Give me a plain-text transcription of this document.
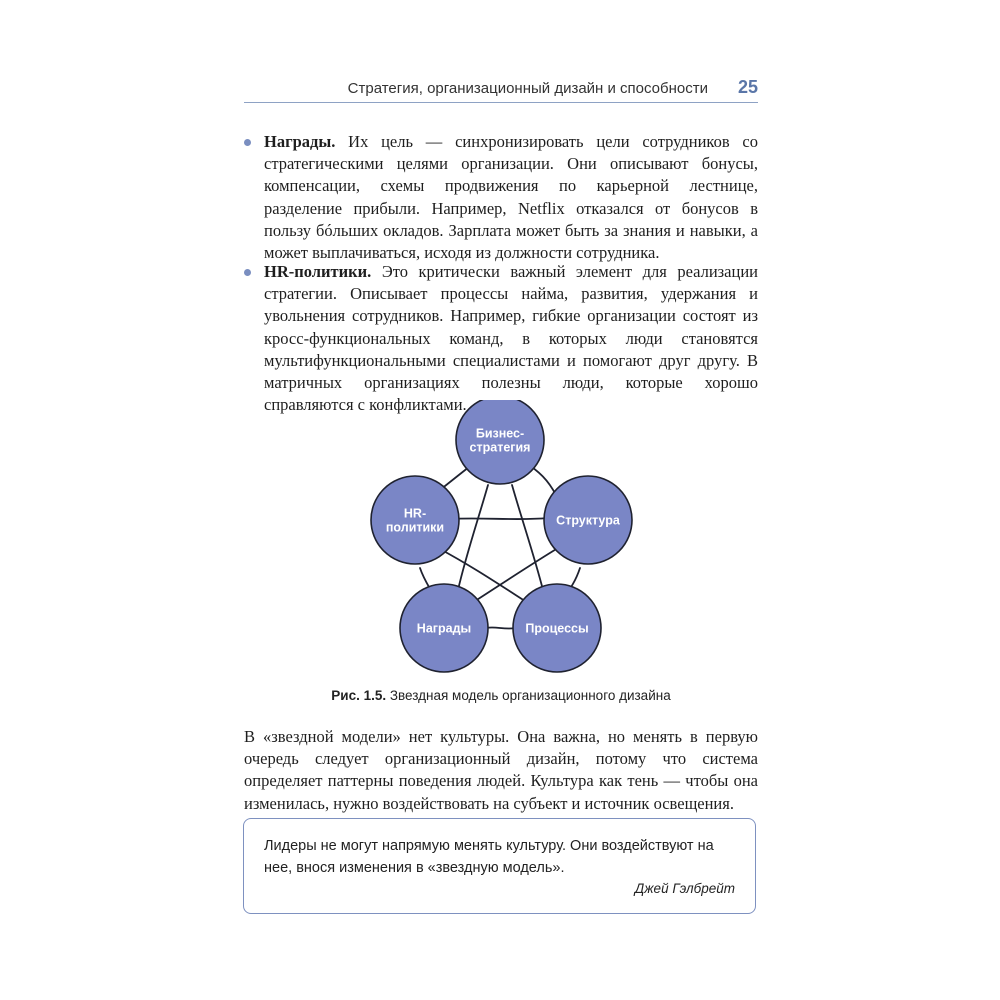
Стратегия, организационный дизайн и способности 25
Награды. Их цель — синхронизировать цели сотрудников со стратегическими целями организации. Они описывают бонусы, компенсации, схемы продвижения по карьерной лестнице, разделение прибыли. Например, Netflix отказался от бонусов в пользу бóльших окладов. Зарплата может быть за знания и навыки, а может выплачиваться, исходя из должности сотрудника.
HR-политики. Это критически важный элемент для реализации стратегии. Описывает процессы найма, развития, удержания и увольнения сотрудников. Например, гибкие организации состоят из кросс-функциональных команд, в которых люди становятся мультифункциональными специалистами и помогают друг другу. В матричных организациях полезны люди, которые хорошо справляются с конфликтами.
Бизнес-
стратегия
HR-
политики	Структура
Награды	Процессы
Рис. 1.5. Звездная модель организационного дизайна
В «звездной модели» нет культуры. Она важна, но менять в первую очередь следует организационный дизайн, потому что система определяет паттерны поведения людей. Культура как тень — чтобы она изменилась, нужно воздействовать на субъект и источник освещения.
Лидеры не могут напрямую менять культуру. Они воздействуют на нее, внося изменения в «звездную модель».
Джей Гэлбрейт
